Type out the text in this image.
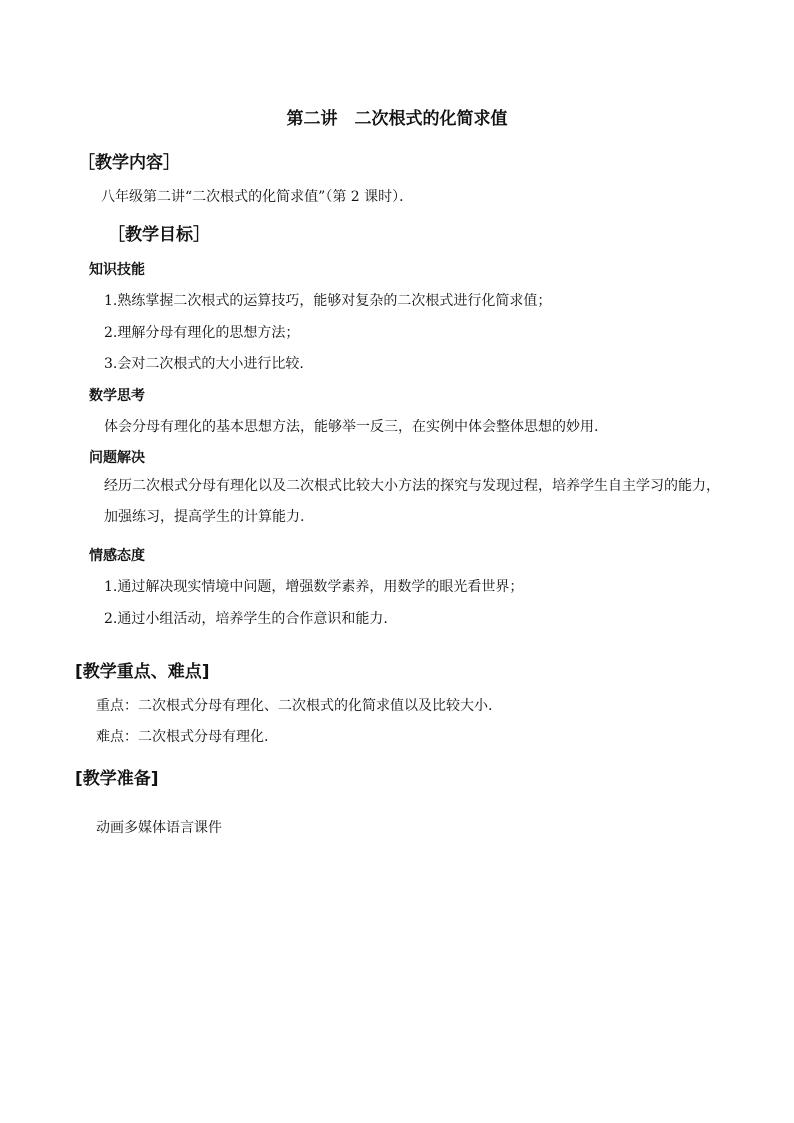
第二讲　二次根式的化简求值
［教学内容］
八年级第二讲“二次根式的化简求值”（第 2 课时）．
［教学目标］
知识技能
1.熟练掌握二次根式的运算技巧，能够对复杂的二次根式进行化简求值；
2.理解分母有理化的思想方法；
3.会对二次根式的大小进行比较.
数学思考
体会分母有理化的基本思想方法，能够举一反三，在实例中体会整体思想的妙用.
问题解决
经历二次根式分母有理化以及二次根式比较大小方法的探究与发现过程，培养学生自主学习的能力，加强练习，提高学生的计算能力.
情感态度
1.通过解决现实情境中问题，增强数学素养，用数学的眼光看世界；
2.通过小组活动，培养学生的合作意识和能力.
[教学重点、难点]
重点：二次根式分母有理化、二次根式的化简求值以及比较大小.
难点：二次根式分母有理化.
[教学准备]
动画多媒体语言课件
